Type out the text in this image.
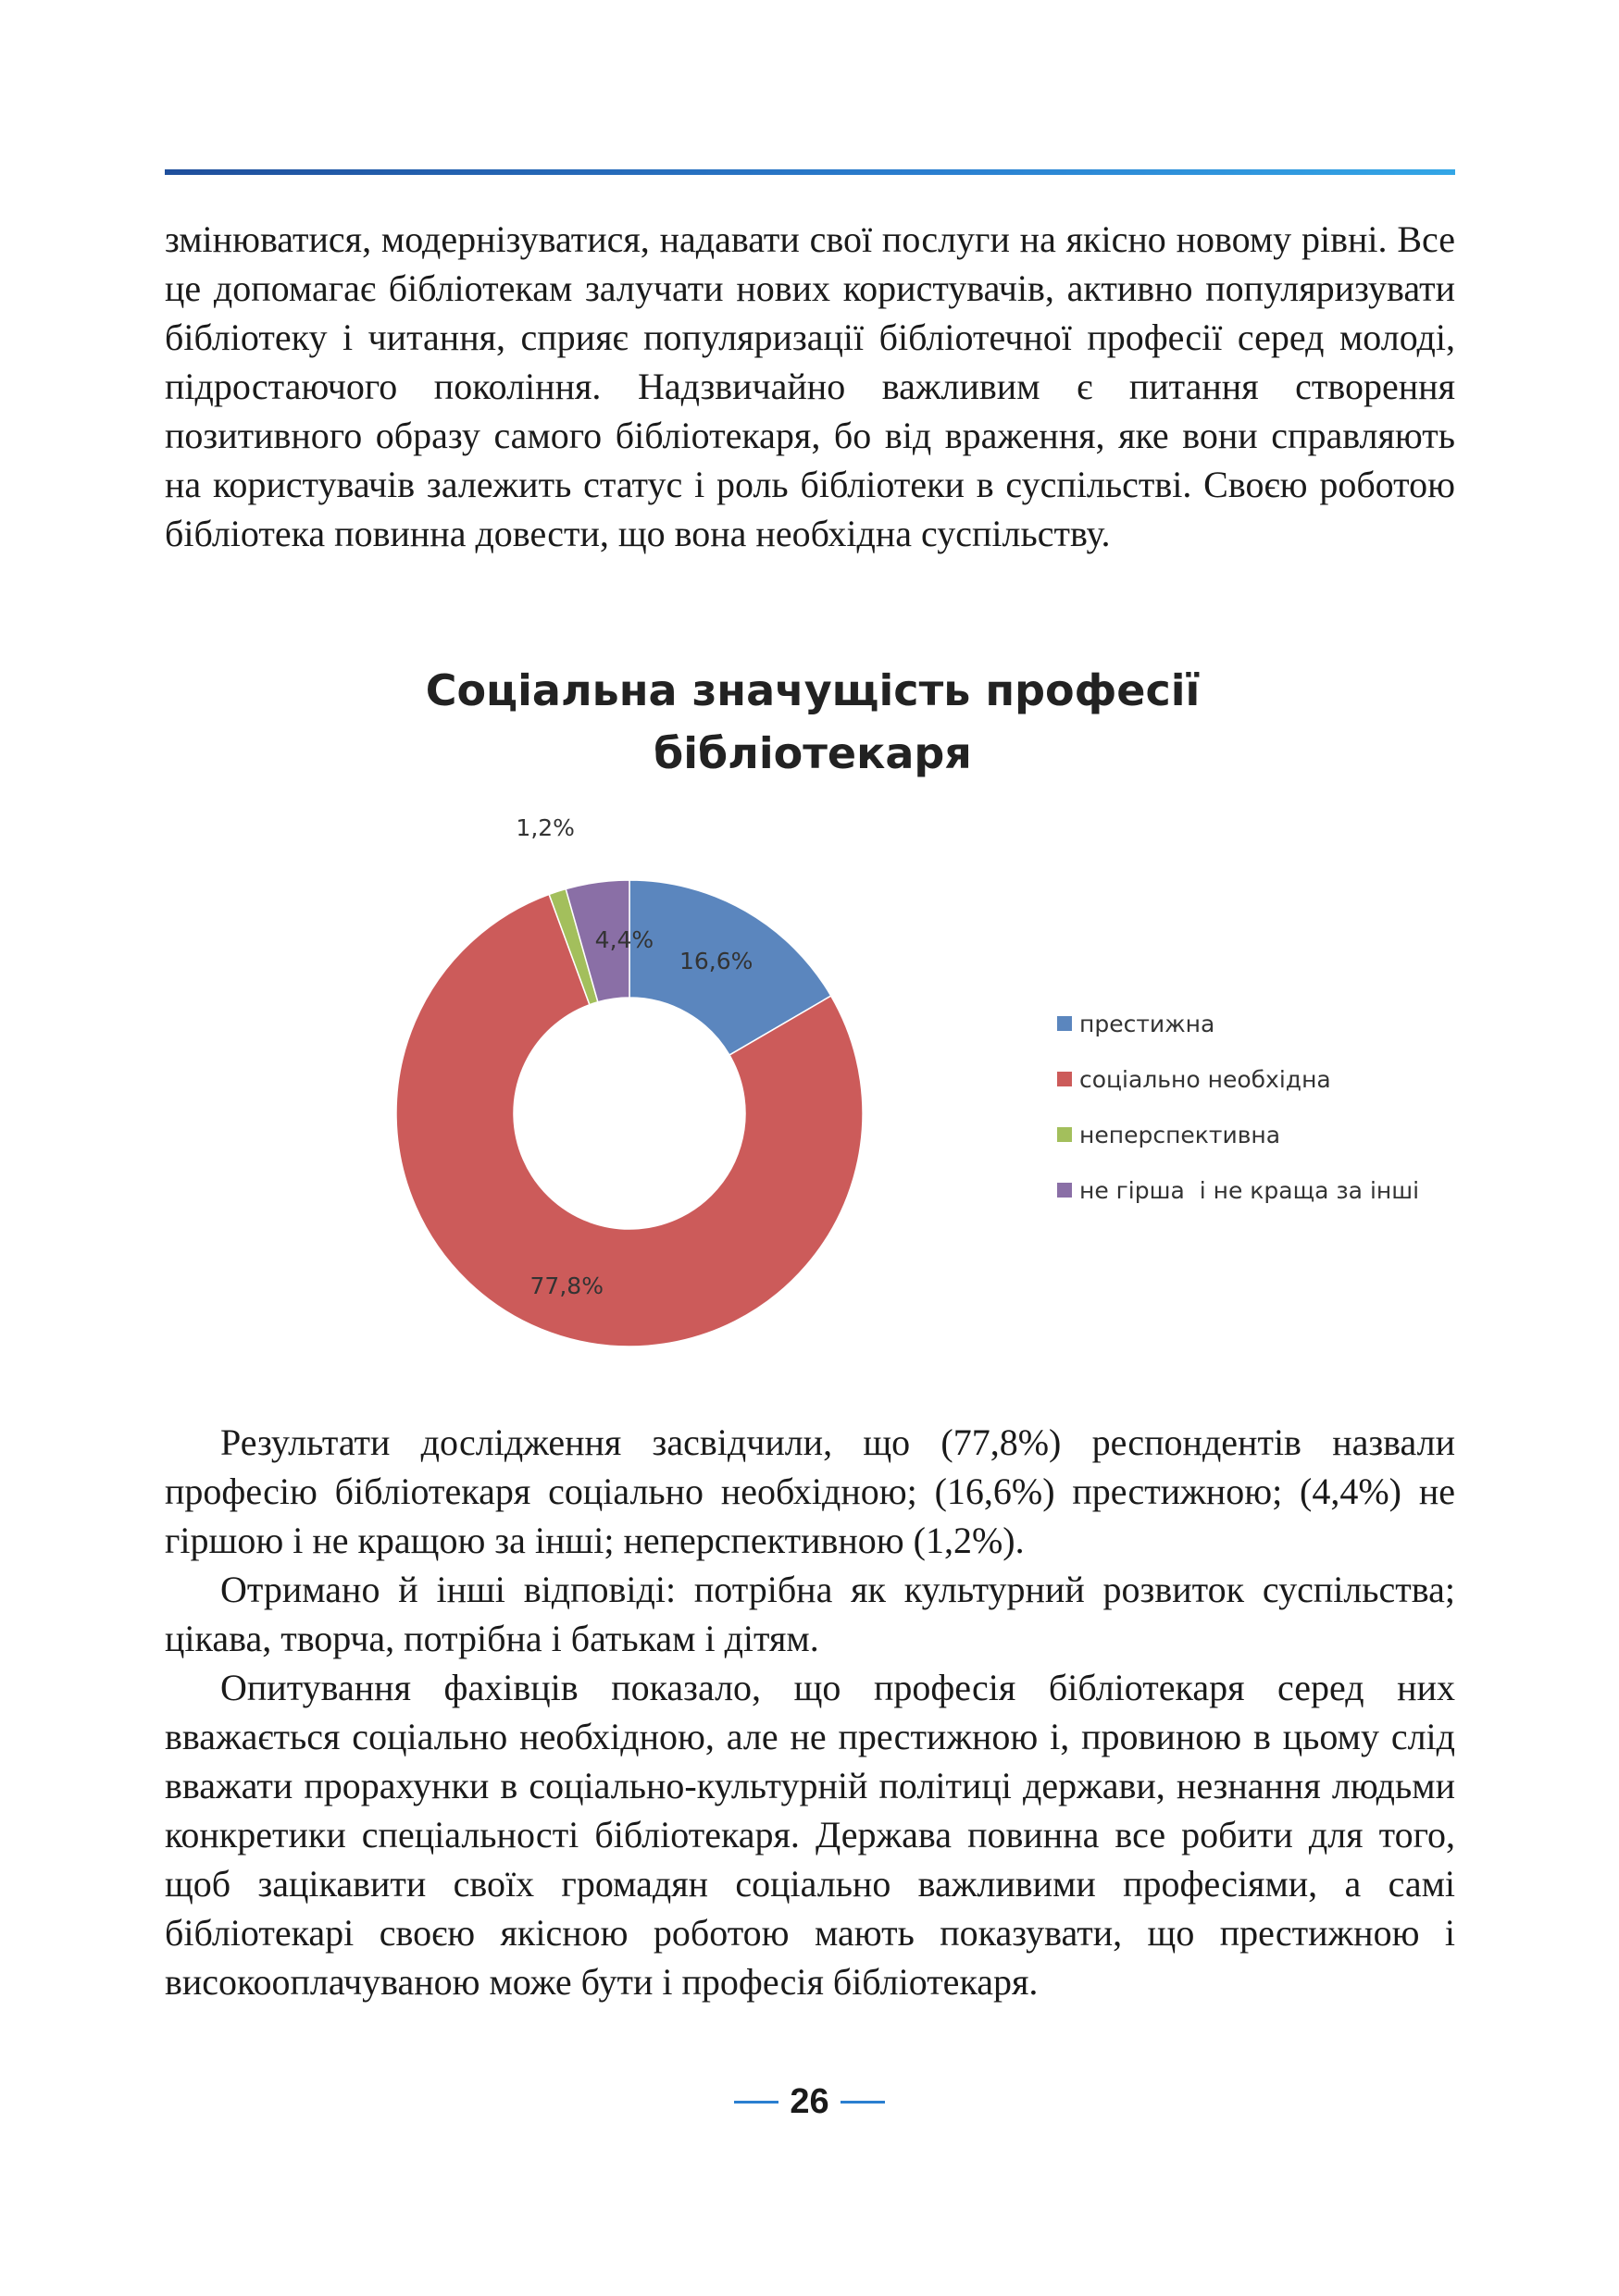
змінюватися, модернізуватися, надавати свої послуги на якісно новому рівні. Все це допомагає бібліотекам залучати нових користувачів, активно популяризувати бібліотеку і читання, сприяє популяризації бібліотечної професії серед молоді, підростаючого покоління. Надзвичайно важливим є питання створення позитивного образу самого бібліотекаря, бо від враження, яке вони справляють на користувачів залежить статус і роль бібліотеки в суспільстві. Своєю роботою бібліотека повинна довести, що вона необхідна суспільству.

Соціальна значущість професії
бібліотекаря
16,6%
77,8%
1,2%
4,4%
престижна
соціально необхідна
неперспективна
не гірша  і не краща за інші

Результати дослідження засвідчили, що (77,8%) респондентів назвали професію бібліотекаря соціально необхідною; (16,6%) престижною; (4,4%) не гіршою і не кращою за інші; неперспективною (1,2%).

Отримано й інші відповіді: потрібна як культурний розвиток суспільства; цікава, творча, потрібна і батькам і дітям.

Опитування фахівців показало, що професія бібліотекаря серед них вважається соціально необхідною, але не престижною і, провиною в цьому слід вважати прорахунки в соціально-культурній політиці держави, незнання людьми конкретики спеціальності бібліотекаря. Держава повинна все робити для того, щоб зацікавити своїх громадян соціально важливими професіями, а самі бібліотекарі своєю якісною роботою мають показувати, що престижною і високооплачуваною може бути і професія бібліотекаря.

26
